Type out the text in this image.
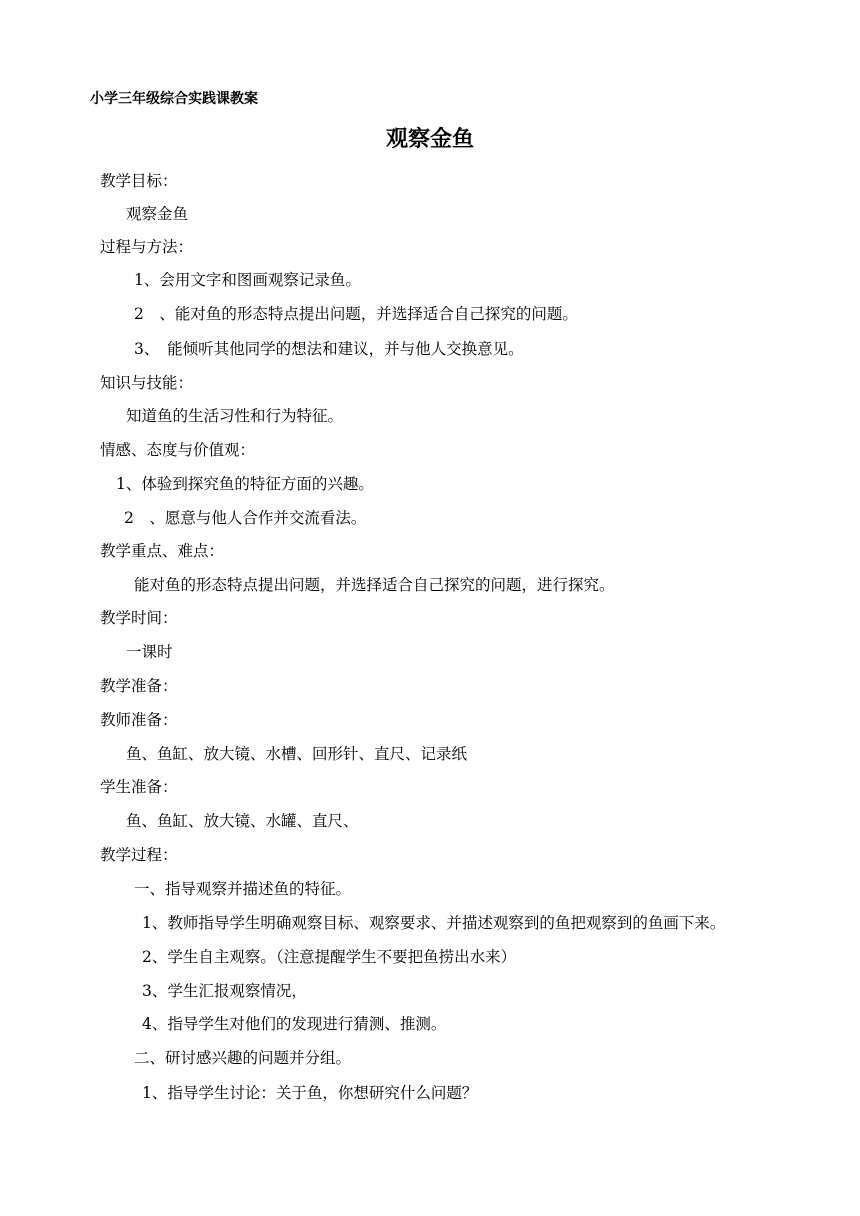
小学三年级综合实践课教案
观察金鱼
教学目标：
观察金鱼
过程与方法：
1、会用文字和图画观察记录鱼。
2　、能对鱼的形态特点提出问题，并选择适合自己探究的问题。
3、　能倾听其他同学的想法和建议，并与他人交换意见。
知识与技能：
知道鱼的生活习性和行为特征。
情感、态度与价值观：
1、体验到探究鱼的特征方面的兴趣。
2　、愿意与他人合作并交流看法。
教学重点、难点：
能对鱼的形态特点提出问题，并选择适合自己探究的问题，进行探究。
教学时间：
一课时
教学准备：
教师准备：
鱼、鱼缸、放大镜、水槽、回形针、直尺、记录纸
学生准备：
鱼、鱼缸、放大镜、水罐、直尺、
教学过程：
一、指导观察并描述鱼的特征。
1、教师指导学生明确观察目标、观察要求、并描述观察到的鱼把观察到的鱼画下来。
2、学生自主观察。（注意提醒学生不要把鱼捞出水来）
3、学生汇报观察情况，
4、指导学生对他们的发现进行猜测、推测。
二、研讨感兴趣的问题并分组。
1、指导学生讨论：关于鱼，你想研究什么问题？
